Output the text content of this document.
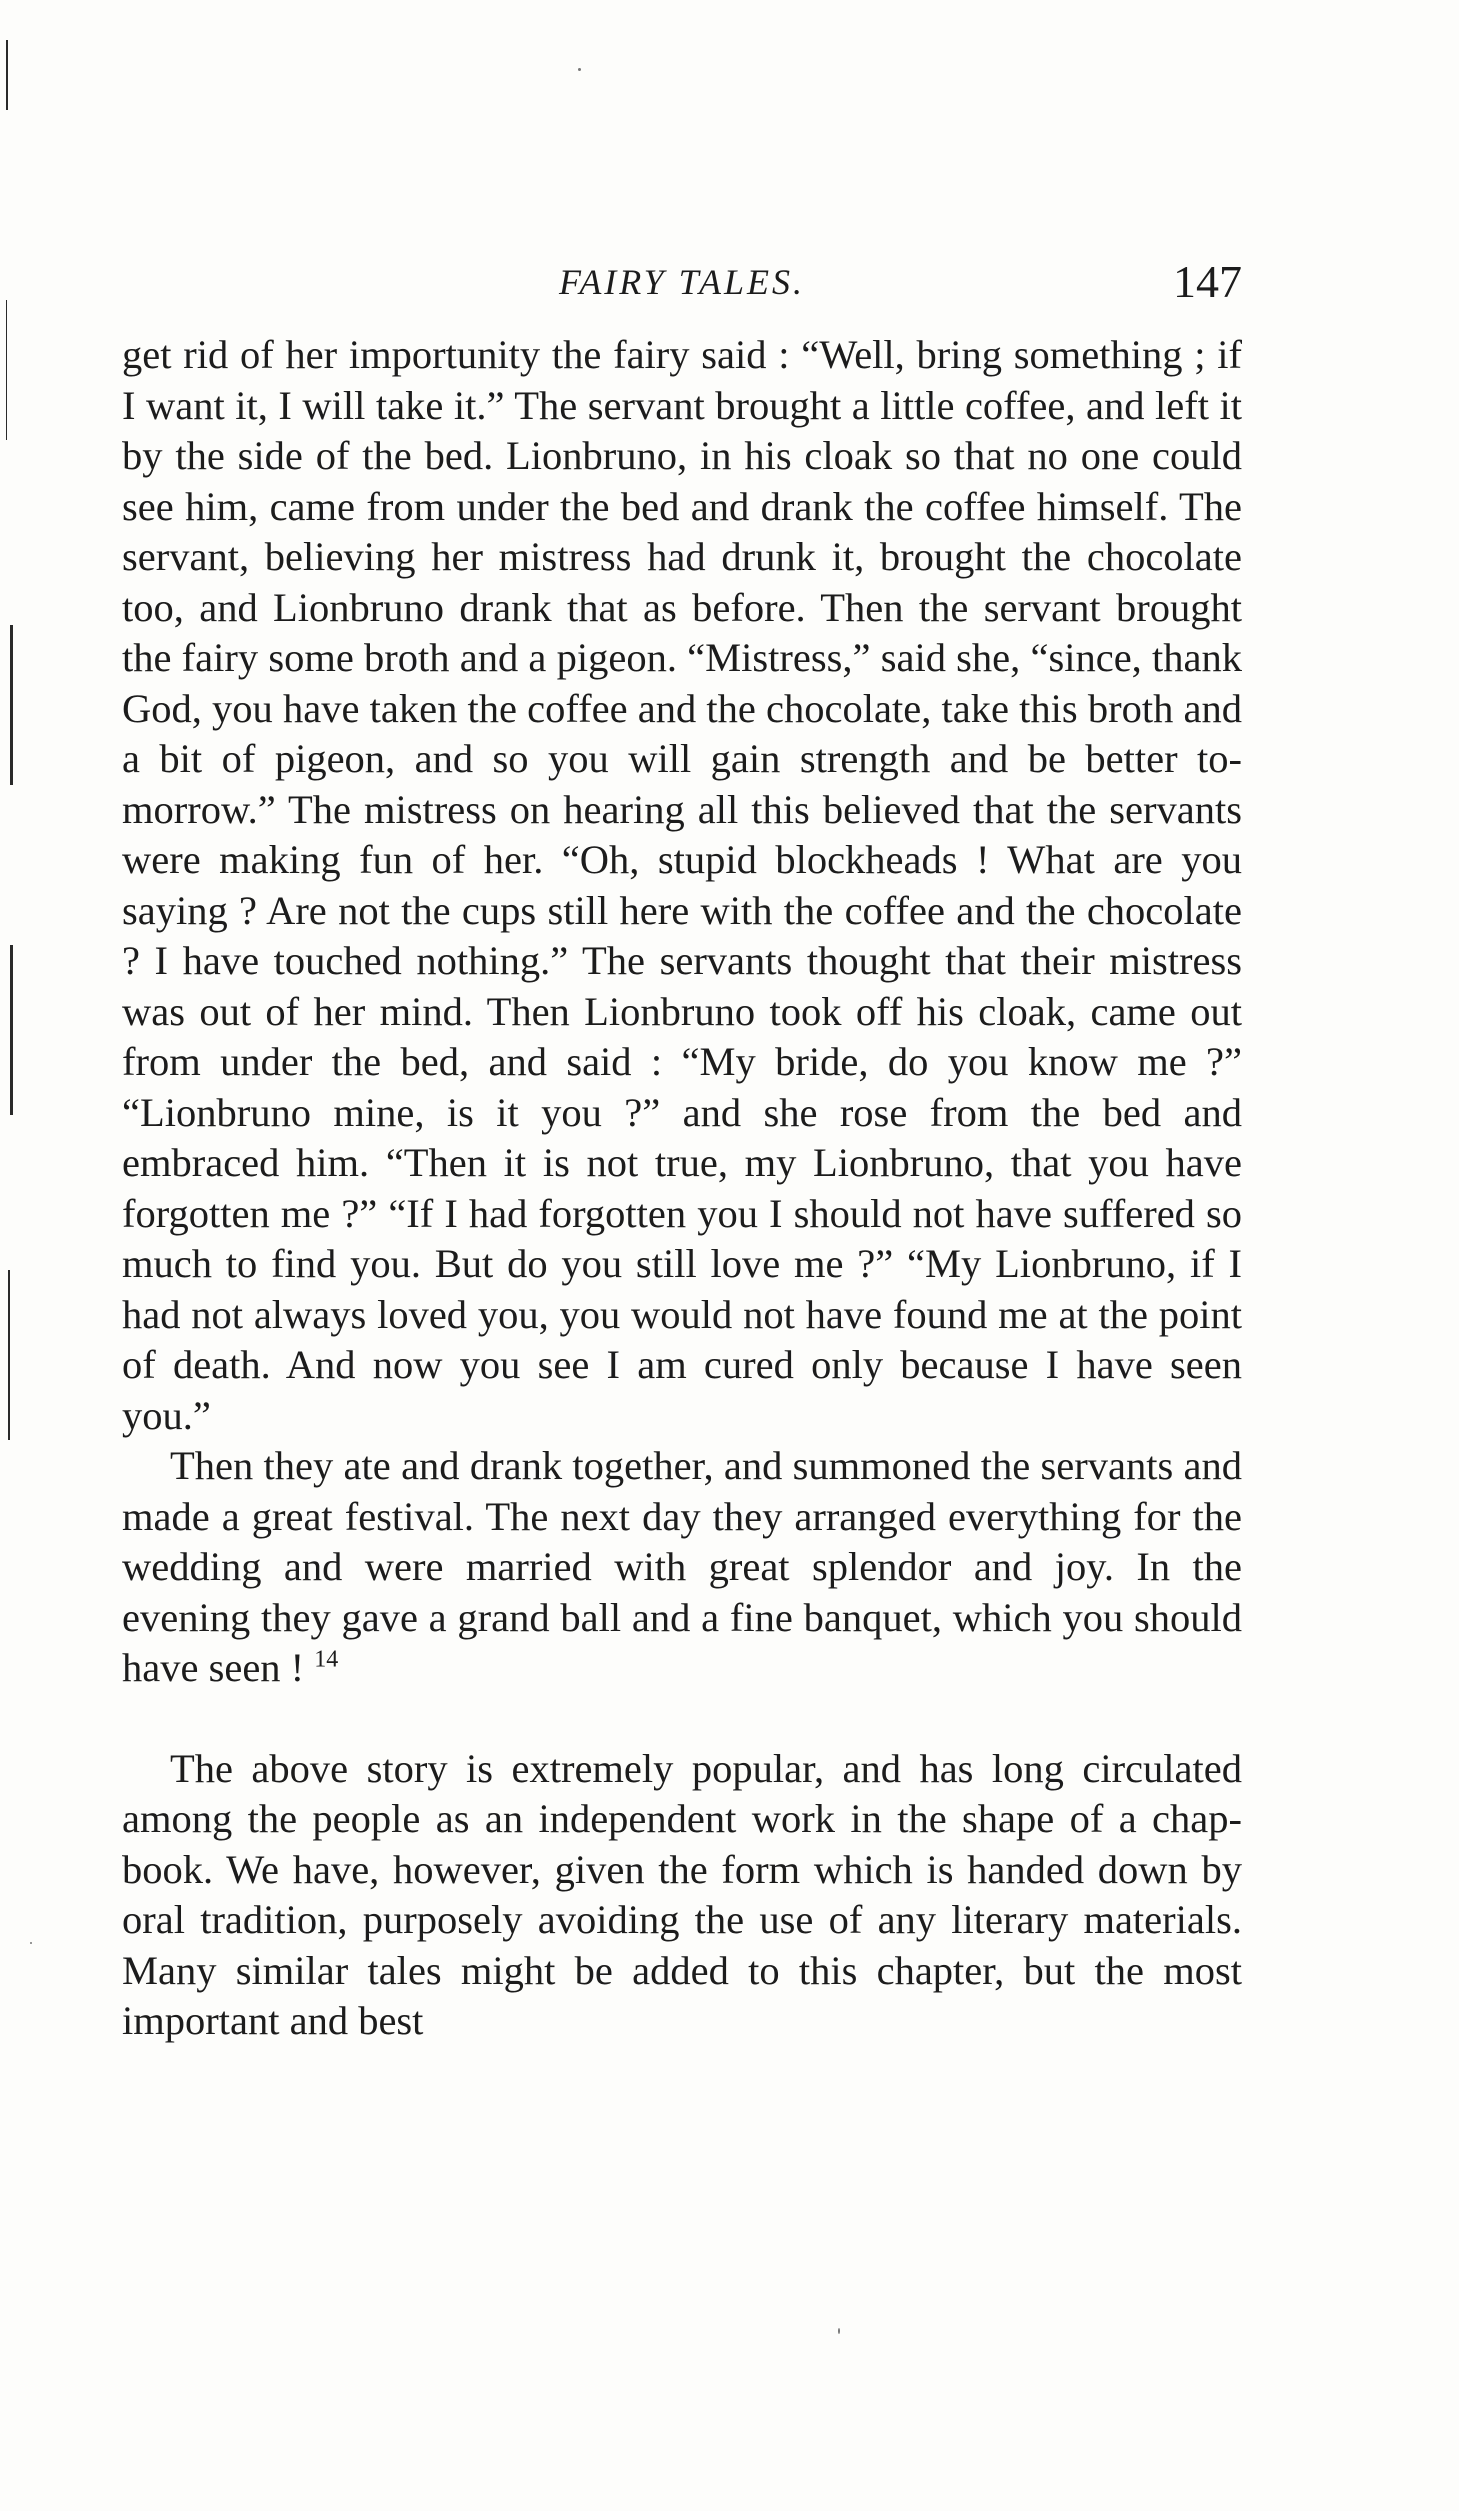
FAIRY TALES.	147

get rid of her importunity the fairy said : “Well, bring something ; if I want it, I will take it.” The servant brought a little coffee, and left it by the side of the bed. Lionbruno, in his cloak so that no one could see him, came from under the bed and drank the coffee himself. The servant, believing her mistress had drunk it, brought the chocolate too, and Lionbruno drank that as before. Then the servant brought the fairy some broth and a pigeon. “Mistress,” said she, “since, thank God, you have taken the coffee and the chocolate, take this broth and a bit of pigeon, and so you will gain strength and be better to-morrow.” The mistress on hearing all this believed that the servants were making fun of her. “Oh, stupid blockheads ! What are you saying ? Are not the cups still here with the coffee and the chocolate ? I have touched nothing.” The servants thought that their mistress was out of her mind. Then Lionbruno took off his cloak, came out from under the bed, and said : “My bride, do you know me ?” “Lionbruno mine, is it you ?” and she rose from the bed and embraced him. “Then it is not true, my Lionbruno, that you have forgotten me ?” “If I had forgotten you I should not have suffered so much to find you. But do you still love me ?” “My Lionbruno, if I had not always loved you, you would not have found me at the point of death. And now you see I am cured only because I have seen you.”

Then they ate and drank together, and summoned the servants and made a great festival. The next day they arranged everything for the wedding and were married with great splendor and joy. In the evening they gave a grand ball and a fine banquet, which you should have seen ! $^{14}$

The above story is extremely popular, and has long circulated among the people as an independent work in the shape of a chap-book. We have, however, given the form which is handed down by oral tradition, purposely avoiding the use of any literary materials. Many similar tales might be added to this chapter, but the most important and best
